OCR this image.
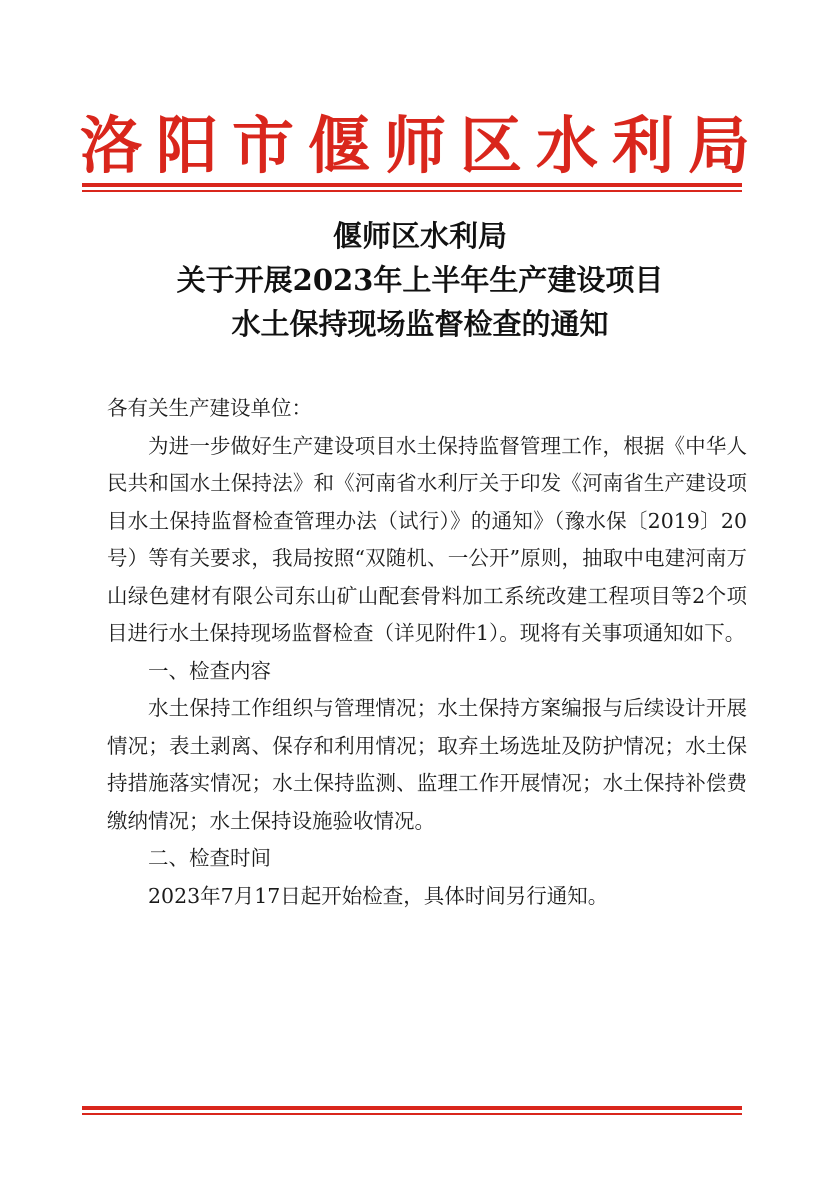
洛阳市偃师区水利局
偃师区水利局
关于开展2023年上半年生产建设项目
水土保持现场监督检查的通知

各有关生产建设单位：

为进一步做好生产建设项目水土保持监督管理工作，根据《中华人民共和国水土保持法》和《河南省水利厅关于印发《河南省生产建设项目水土保持监督检查管理办法（试行）》的通知》（豫水保〔2019〕20号）等有关要求，我局按照“双随机、一公开”原则，抽取中电建河南万山绿色建材有限公司东山矿山配套骨料加工系统改建工程项目等2个项目进行水土保持现场监督检查（详见附件1）。现将有关事项通知如下。

一、检查内容

水土保持工作组织与管理情况；水土保持方案编报与后续设计开展情况；表土剥离、保存和利用情况；取弃土场选址及防护情况；水土保持措施落实情况；水土保持监测、监理工作开展情况；水土保持补偿费缴纳情况；水土保持设施验收情况。

二、检查时间

2023年7月17日起开始检查，具体时间另行通知。
